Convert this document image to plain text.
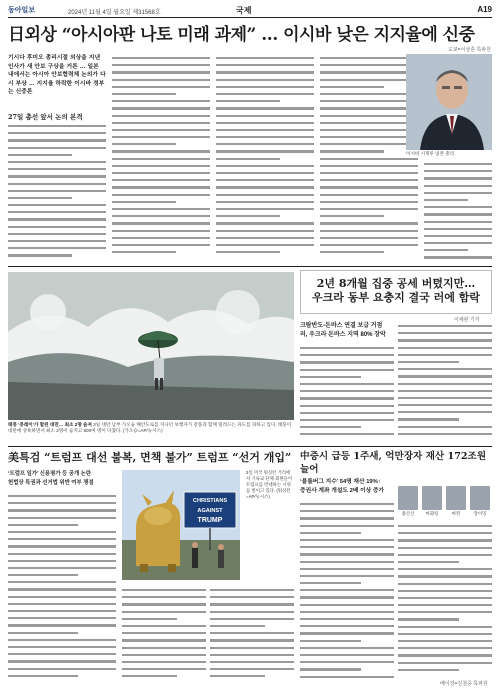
동아일보	2024년 11월 4일 월요일 제31568호	국제	A19
日외상 “아시아판 나토 미래 과제” … 이시바 낮은 지지율에 신중
도쿄=이상훈 특파원
기시다 후미오 총리시절 외상을 지낸 인사가 새 안보 구상을 거론 … 일본 내에서는 아시아 안보협력체 논의가 다시 부상 … 지지율 하락한 이시바 정부는 신중론
27일 총선 앞서 논의 본격
이시바 시게루 일본 총리
태풍 ‘콩레이’가 할퀸 대만… 최소 2명 숨져 3일 대만 남부 가오슝 해안도로를 지나던 보행자가 강풍과 함께 밀려드는 파도를 피하고 있다. 태풍이 대만에 상륙하면서 최소 2명이 숨지고 500여 명이 다쳤다. (가오슝=AP/뉴시스)
2년 8개월 집중 공세 버텼지만…
우크라 동부 요충지 결국 러에 함락
이채완 기자
크람반도-돈바스 연결 보급 거점
러, 우크라 돈바스 지역 80% 장악
美특검 “트럼프 대선 불복, 면책 불가” 트럼프 “선거 개입”
‘트럼프 일가’ 신용평가 등 공개 논란
헌법상 특권과 선거법 위반 여부 쟁점
CHRISTIANS
AGAINST
TRUMP
3일 미국 워싱턴 거리에서 기독교 단체 회원들이 트럼프를 반대하는 시위를 벌이고 있다. (워싱턴=AP/뉴시스)
中증시 급등 1주새, 억만장자 재산 172조원 늘어
‘블룸버그 지수’ 54명 재산 19%↑
증권사 계좌 개설도 2배 이상 증가
종산산	마화텅	마윈	장이밍
베이징=김철중 특파원
